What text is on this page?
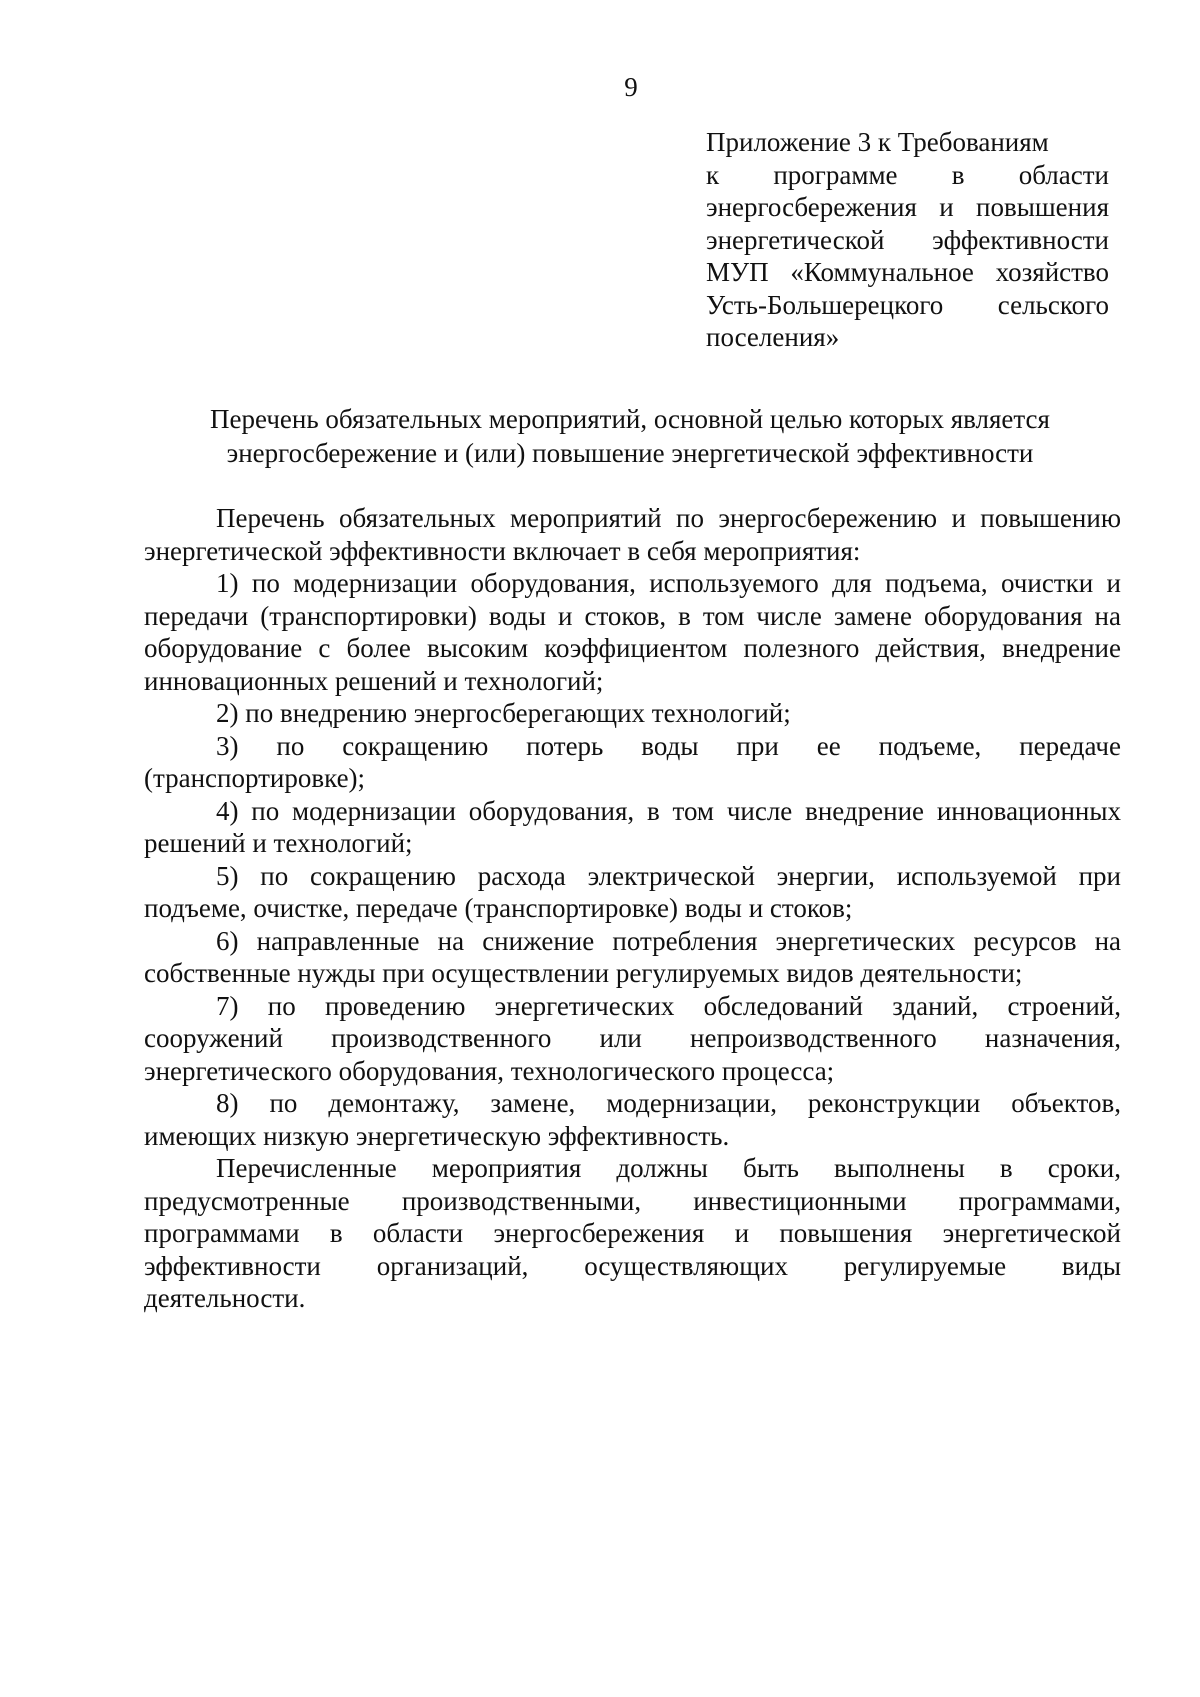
9
Приложение 3 к Требованиям
к программе в области
энергосбережения и повышения
энергетической эффективности
МУП «Коммунальное хозяйство
Усть-Большерецкого сельского
поселения»
Перечень обязательных мероприятий, основной целью которых является
энергосбережение и (или) повышение энергетической эффективности
Перечень обязательных мероприятий по энергосбережению и повышению
энергетической эффективности включает в себя мероприятия:
1) по модернизации оборудования, используемого для подъема, очистки и
передачи (транспортировки) воды и стоков, в том числе замене оборудования на
оборудование с более высоким коэффициентом полезного действия, внедрение
инновационных решений и технологий;
2) по внедрению энергосберегающих технологий;
3) по сокращению потерь воды при ее подъеме, передаче
(транспортировке);
4) по модернизации оборудования, в том числе внедрение инновационных
решений и технологий;
5) по сокращению расхода электрической энергии, используемой при
подъеме, очистке, передаче (транспортировке) воды и стоков;
6) направленные на снижение потребления энергетических ресурсов на
собственные нужды при осуществлении регулируемых видов деятельности;
7) по проведению энергетических обследований зданий, строений,
сооружений производственного или непроизводственного назначения,
энергетического оборудования, технологического процесса;
8) по демонтажу, замене, модернизации, реконструкции объектов,
имеющих низкую энергетическую эффективность.
Перечисленные мероприятия должны быть выполнены в сроки,
предусмотренные производственными, инвестиционными программами,
программами в области энергосбережения и повышения энергетической
эффективности организаций, осуществляющих регулируемые виды
деятельности.
